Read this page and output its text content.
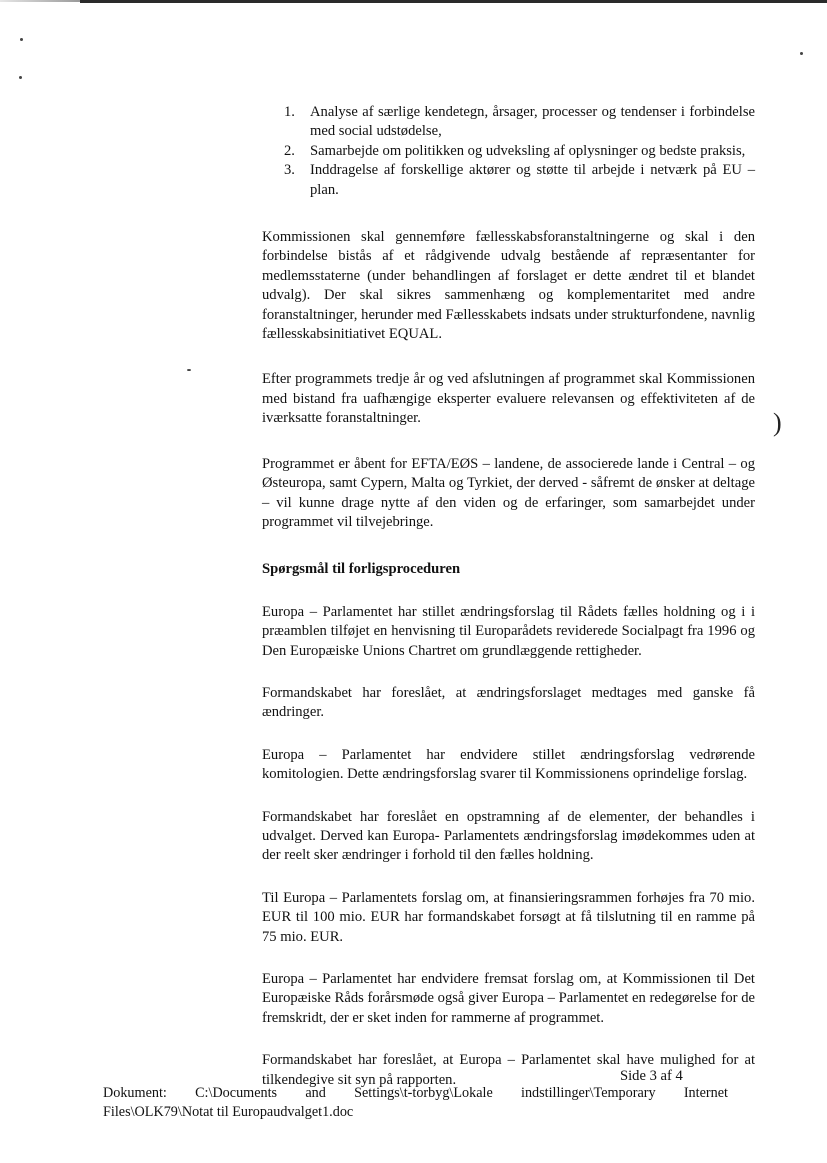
)
1. Analyse af særlige kendetegn, årsager, processer og tendenser i forbindelse med social udstødelse,
2. Samarbejde om politikken og udveksling af oplysninger og bedste praksis,
3. Inddragelse af forskellige aktører og støtte til arbejde i netværk på EU – plan.

Kommissionen skal gennemføre fællesskabsforanstaltningerne og skal i den forbindelse bistås af et rådgivende udvalg bestående af repræsentanter for medlemsstaterne (under behandlingen af forslaget er dette ændret til et blandet udvalg). Der skal sikres sammenhæng og komplementaritet med andre foranstaltninger, herunder med Fællesskabets indsats under strukturfondene, navnlig fællesskabsinitiativet EQUAL.

Efter programmets tredje år og ved afslutningen af programmet skal Kommissionen med bistand fra uafhængige eksperter evaluere relevansen og effektiviteten af de iværksatte foranstaltninger.

Programmet er åbent for EFTA/EØS – landene, de associerede lande i Central – og Østeuropa, samt Cypern, Malta og Tyrkiet, der derved - såfremt de ønsker at deltage – vil kunne drage nytte af den viden og de erfaringer, som samarbejdet under programmet vil tilvejebringe.

Spørgsmål til forligsproceduren

Europa – Parlamentet har stillet ændringsforslag til Rådets fælles holdning og i i præamblen tilføjet en henvisning til Europarådets reviderede Socialpagt fra 1996 og Den Europæiske Unions Chartret om grundlæggende rettigheder.

Formandskabet har foreslået, at ændringsforslaget medtages med ganske få ændringer.

Europa – Parlamentet har endvidere stillet ændringsforslag vedrørende komitologien. Dette ændringsforslag svarer til Kommissionens oprindelige forslag.

Formandskabet har foreslået en opstramning af de elementer, der behandles i udvalget. Derved kan Europa- Parlamentets ændringsforslag imødekommes uden at der reelt sker ændringer i forhold til den fælles holdning.

Til Europa – Parlamentets forslag om, at finansieringsrammen forhøjes fra 70 mio. EUR til 100 mio. EUR har formandskabet forsøgt at få tilslutning til en ramme på 75 mio. EUR.

Europa – Parlamentet har endvidere fremsat forslag om, at Kommissionen til Det Europæiske Råds forårsmøde også giver Europa – Parlamentet en redegørelse for de fremskridt, der er sket inden for rammerne af programmet.

Formandskabet har foreslået, at Europa – Parlamentet skal have mulighed for at tilkendegive sit syn på rapporten.	Side 3 af 4
Dokument: C:\Documents and Settings\t-torbyg\Lokale indstillinger\Temporary Internet
Files\OLK79\Notat til Europaudvalget1.doc
